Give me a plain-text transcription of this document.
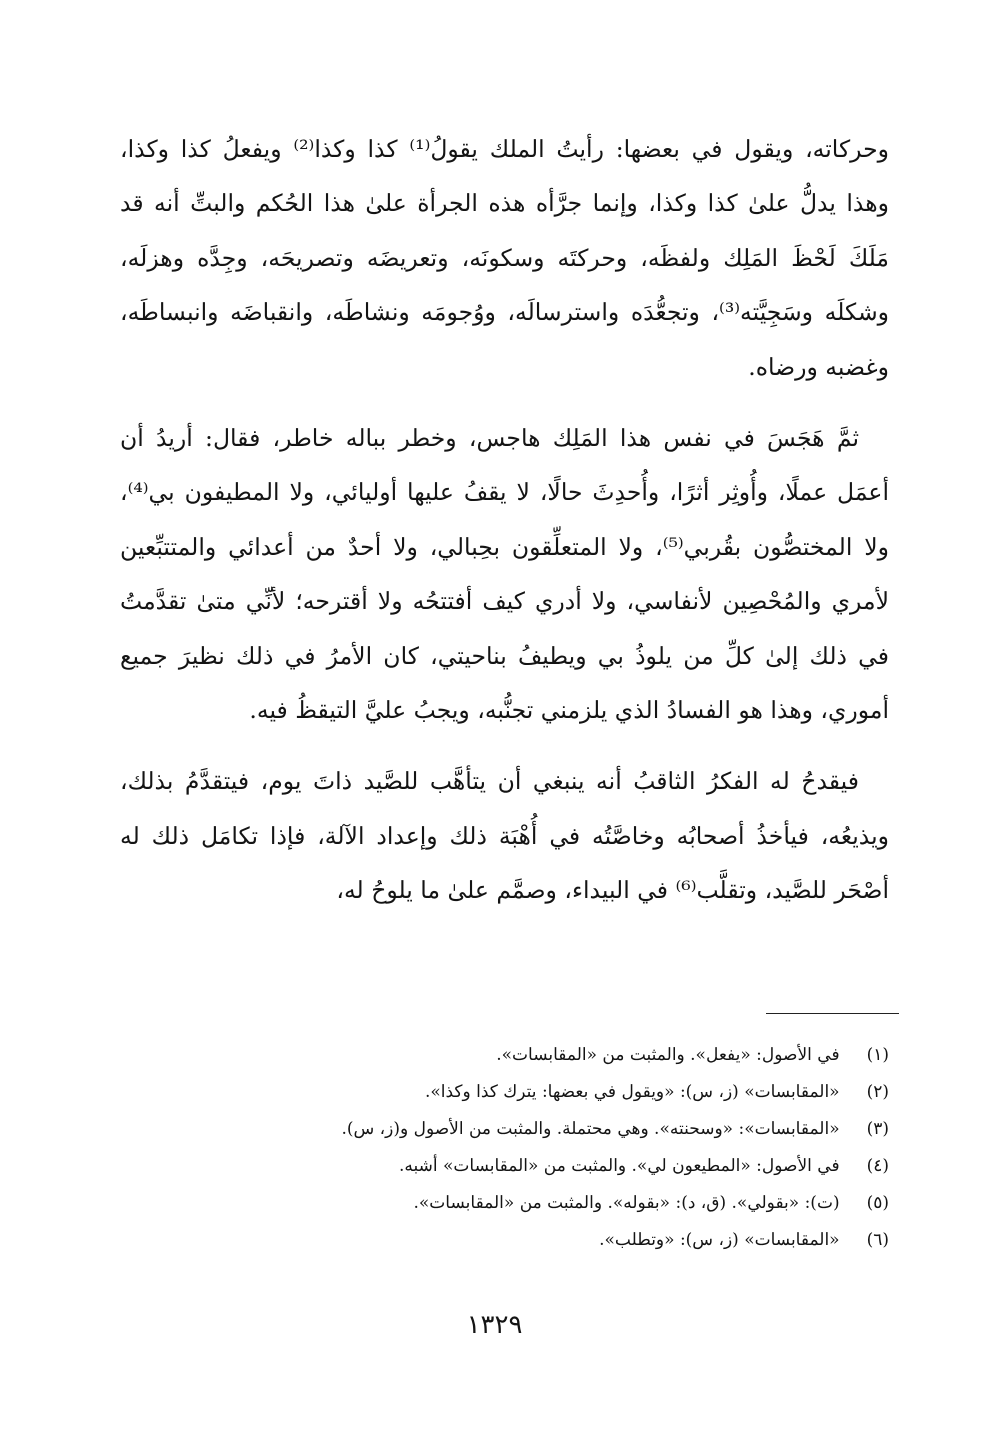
وحركاته، ويقول في بعضها: رأيتُ الملك يقولُ⁽¹⁾ كذا وكذا⁽²⁾ ويفعلُ كذا وكذا، وهذا يدلُّ علىٰ كذا وكذا، وإنما جرَّأه هذه الجرأة علىٰ هذا الحُكم والبتِّ أنه قد مَلَكَ لَحْظَ المَلِك ولفظَه، وحركتَه وسكونَه، وتعريضَه وتصريحَه، وجِدَّه وهزلَه، وشكلَه وسَجِيَّته⁽³⁾، وتجعُّدَه واسترسالَه، ووُجومَه ونشاطَه، وانقباضَه وانبساطَه، وغضبه ورضاه.

ثمَّ هَجَسَ في نفس هذا المَلِك هاجس، وخطر بباله خاطر، فقال: أريدُ أن أعمَل عملًا، وأُوثِر أثرًا، وأُحدِثَ حالًا، لا يقفُ عليها أوليائي، ولا المطيفون بي⁽⁴⁾، ولا المختصُّون بقُربي⁽⁵⁾، ولا المتعلِّقون بحِبالي، ولا أحدٌ من أعدائي والمتتبِّعين لأمري والمُحْصِين لأنفاسي، ولا أدري كيف أفتتحُه ولا أقترحه؛ لأنِّي متىٰ تقدَّمتُ في ذلك إلىٰ كلِّ من يلوذُ بي ويطيفُ بناحيتي، كان الأمرُ في ذلك نظيرَ جميع أموري، وهذا هو الفسادُ الذي يلزمني تجنُّبه، ويجبُ عليَّ التيقظُ فيه.

فيقدحُ له الفكرُ الثاقبُ أنه ينبغي أن يتأهَّب للصَّيد ذاتَ يوم، فيتقدَّمُ بذلك، ويذيعُه، فيأخذُ أصحابُه وخاصَّتُه في أُهْبَة ذلك وإعداد الآلة، فإذا تكامَل ذلك له أصْحَر للصَّيد، وتقلَّب⁽⁶⁾ في البيداء، وصمَّم علىٰ ما يلوحُ له،

(١) في الأصول: «يفعل». والمثبت من «المقابسات».

(٢) «المقابسات» (ز، س): «ويقول في بعضها: يترك كذا وكذا».

(٣) «المقابسات»: «وسحنته». وهي محتملة. والمثبت من الأصول و(ز، س).

(٤) في الأصول: «المطيعون لي». والمثبت من «المقابسات» أشبه.

(٥) (ت): «بقولي». (ق، د): «بقوله». والمثبت من «المقابسات».

(٦) «المقابسات» (ز، س): «وتطلب».

١٣٢٩
